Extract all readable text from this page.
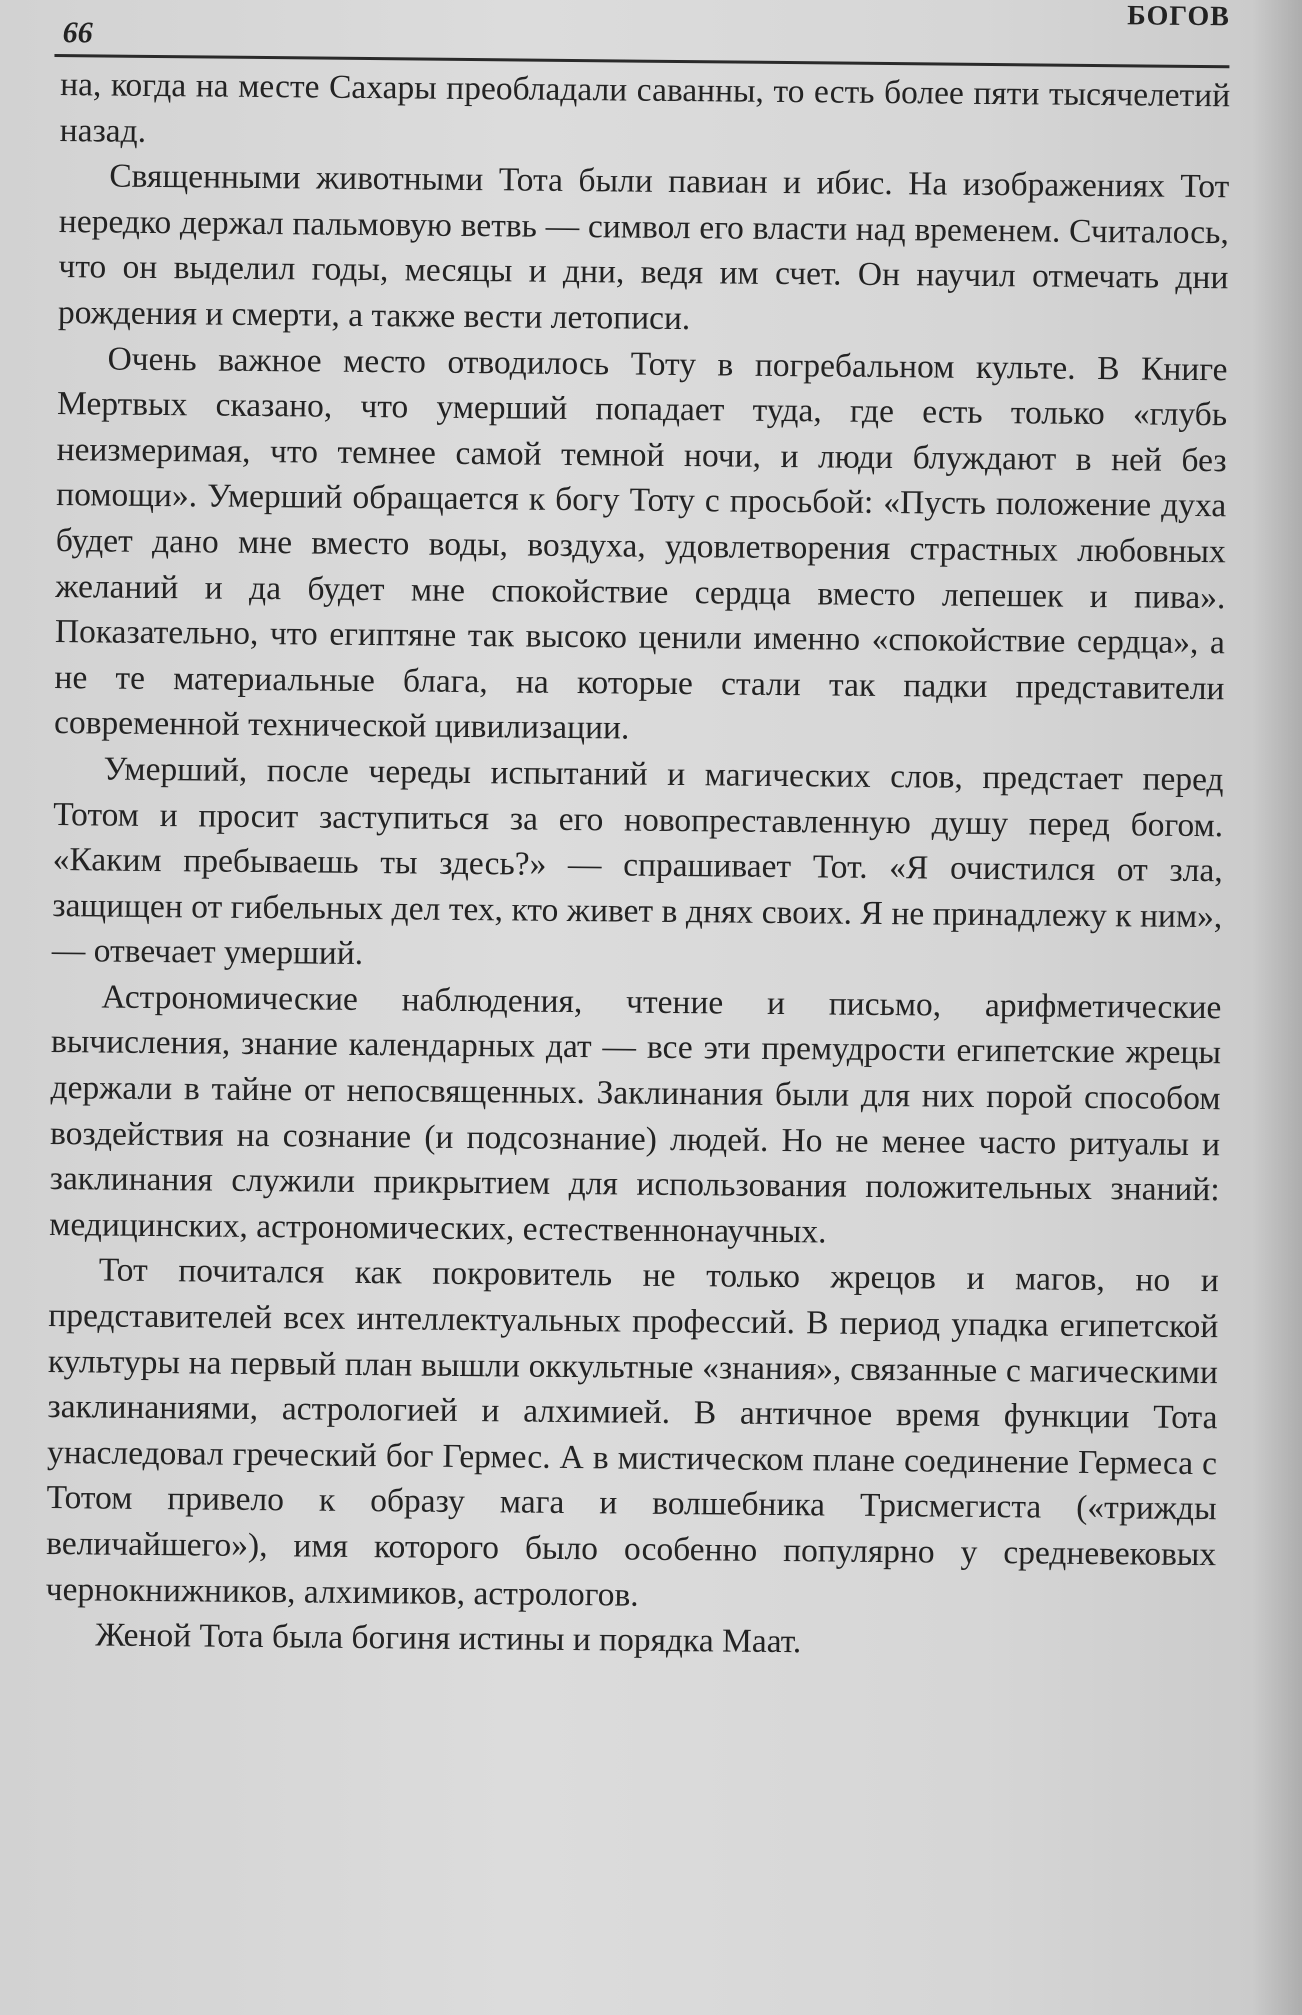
66	БОГОВ

на, когда на месте Сахары преобладали саванны, то есть более пяти тысячелетий назад.

Священными животными Тота были павиан и ибис. На изображениях Тот нередко держал пальмовую ветвь — символ его власти над временем. Считалось, что он выделил годы, месяцы и дни, ведя им счет. Он научил отмечать дни рождения и смерти, а также вести летописи.

Очень важное место отводилось Тоту в погребальном культе. В Книге Мертвых сказано, что умерший попадает туда, где есть только «глубь неизмеримая, что темнее самой темной ночи, и люди блуждают в ней без помощи». Умерший обращается к богу Тоту с просьбой: «Пусть положение духа будет дано мне вместо воды, воздуха, удовлетворения страстных любовных желаний и да будет мне спокойствие сердца вместо лепешек и пива». Показательно, что египтяне так высоко ценили именно «спокойствие сердца», а не те материальные блага, на которые стали так падки представители современной технической цивилизации.

Умерший, после череды испытаний и магических слов, предстает перед Тотом и просит заступиться за его новопреставленную душу перед богом. «Каким пребываешь ты здесь?» — спрашивает Тот. «Я очистился от зла, защищен от гибельных дел тех, кто живет в днях своих. Я не принадлежу к ним», — отвечает умерший.

Астрономические наблюдения, чтение и письмо, арифметические вычисления, знание календарных дат — все эти премудрости египетские жрецы держали в тайне от непосвященных. Заклинания были для них порой способом воздействия на сознание (и подсознание) людей. Но не менее часто ритуалы и заклинания служили прикрытием для использования положительных знаний: медицинских, астрономических, естественнонаучных.

Тот почитался как покровитель не только жрецов и магов, но и представителей всех интеллектуальных профессий. В период упадка египетской культуры на первый план вышли оккультные «знания», связанные с магическими заклинаниями, астрологией и алхимией. В античное время функции Тота унаследовал греческий бог Гермес. А в мистическом плане соединение Гермеса с Тотом привело к образу мага и волшебника Трисмегиста («трижды величайшего»), имя которого было особенно популярно у средневековых чернокнижников, алхимиков, астрологов.

Женой Тота была богиня истины и порядка Маат.
